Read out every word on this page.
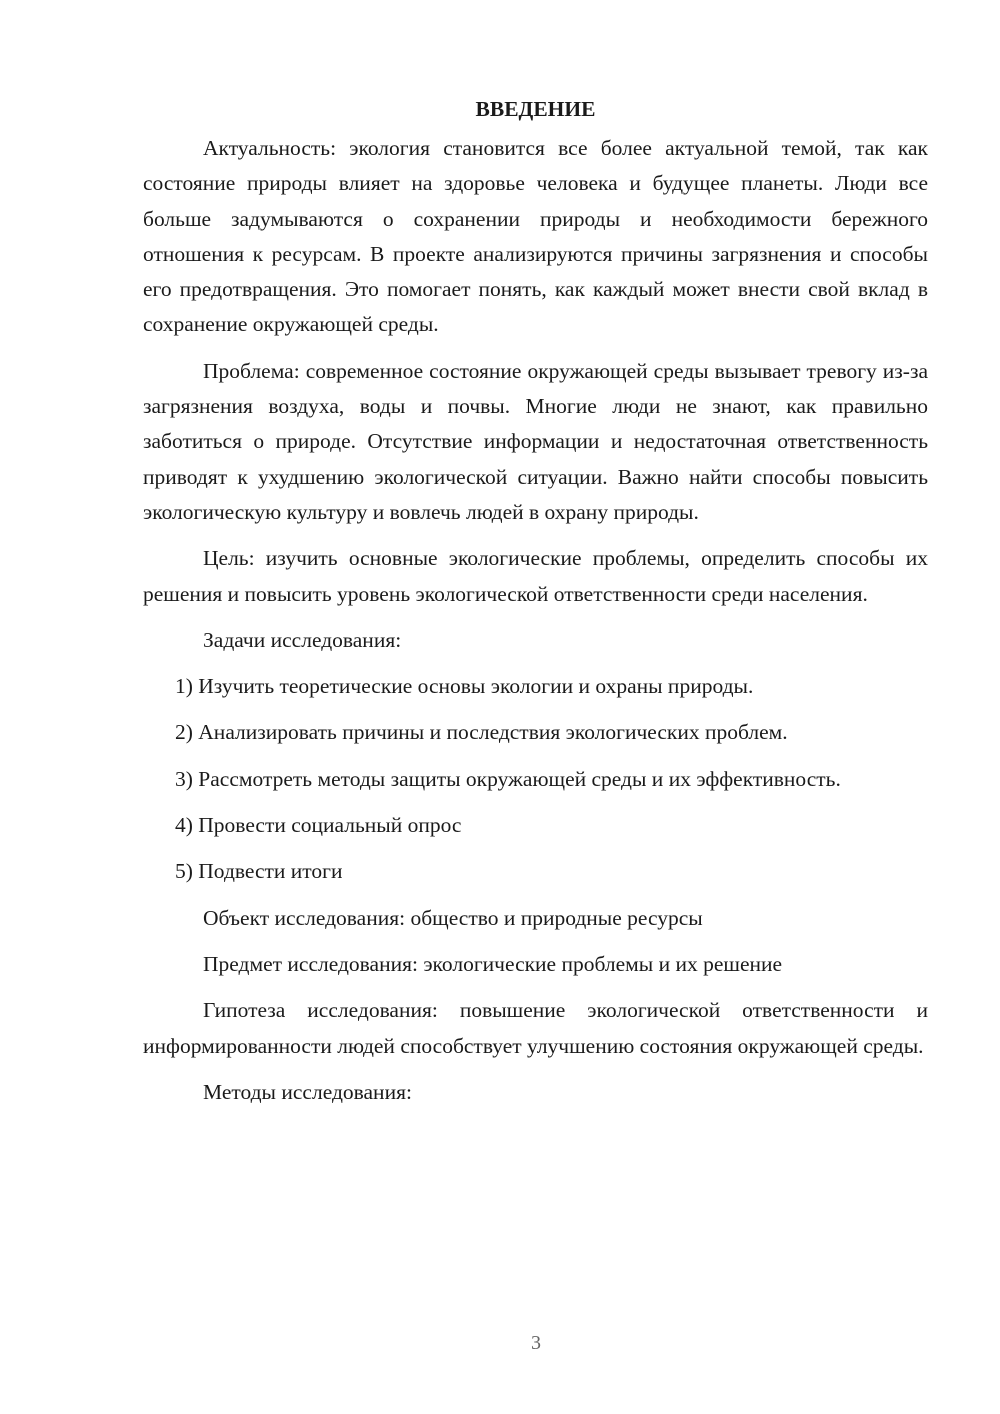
ВВЕДЕНИЕ

Актуальность: экология становится все более актуальной темой, так как состояние природы влияет на здоровье человека и будущее планеты. Люди все больше задумываются о сохранении природы и необходимости бережного отношения к ресурсам. В проекте анализируются причины загрязнения и способы его предотвращения. Это помогает понять, как каждый может внести свой вклад в сохранение окружающей среды.

Проблема: современное состояние окружающей среды вызывает тревогу из-за загрязнения воздуха, воды и почвы. Многие люди не знают, как правильно заботиться о природе. Отсутствие информации и недостаточная ответственность приводят к ухудшению экологической ситуации. Важно найти способы повысить экологическую культуру и вовлечь людей в охрану природы.

Цель: изучить основные экологические проблемы, определить способы их решения и повысить уровень экологической ответственности среди населения.

Задачи исследования:

1) Изучить теоретические основы экологии и охраны природы.

2) Анализировать причины и последствия экологических проблем.

3) Рассмотреть методы защиты окружающей среды и их эффективность.

4) Провести социальный опрос

5) Подвести итоги

Объект исследования: общество и природные ресурсы

Предмет исследования: экологические проблемы и их решение

Гипотеза исследования: повышение экологической ответственности и информированности людей способствует улучшению состояния окружающей среды.

Методы исследования:

3
